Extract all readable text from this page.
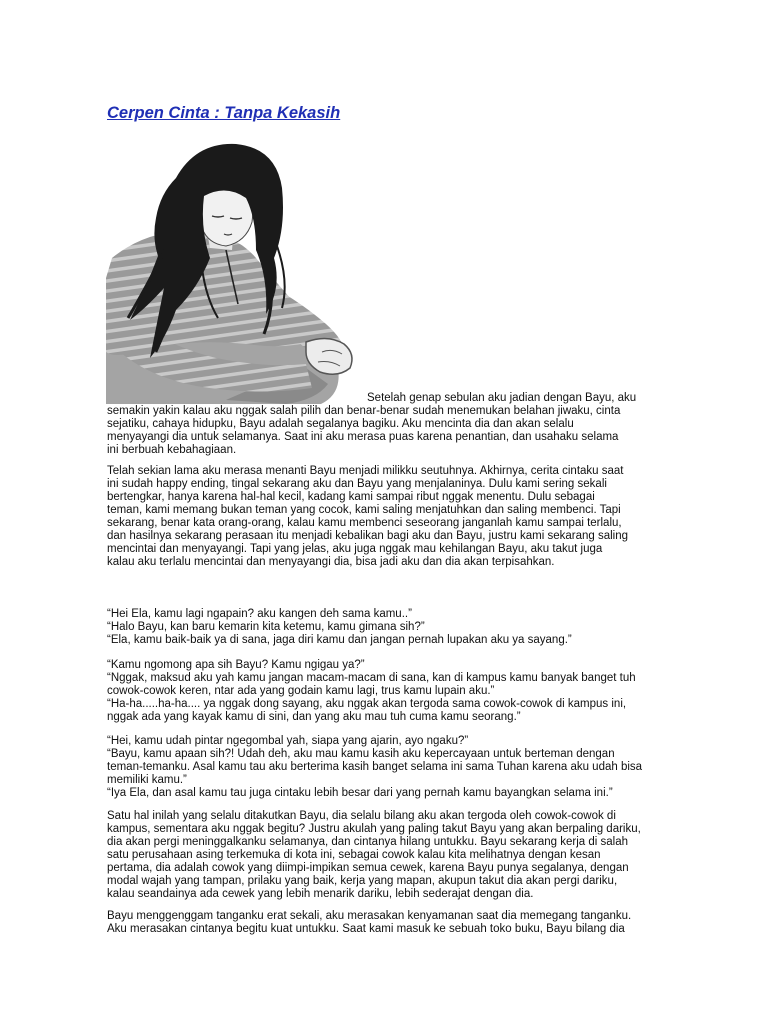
Cerpen Cinta : Tanpa Kekasih

Setelah genap sebulan aku jadian dengan Bayu, aku
semakin yakin kalau aku nggak salah pilih dan benar-benar sudah menemukan belahan jiwaku, cinta
sejatiku, cahaya hidupku, Bayu adalah segalanya bagiku. Aku mencinta dia dan akan selalu
menyayangi dia untuk selamanya. Saat ini aku merasa puas karena penantian, dan usahaku selama
ini berbuah kebahagiaan.

Telah sekian lama aku merasa menanti Bayu menjadi milikku seutuhnya. Akhirnya, cerita cintaku saat
ini sudah happy ending, tingal sekarang aku dan Bayu yang menjalaninya. Dulu kami sering sekali
bertengkar, hanya karena hal-hal kecil, kadang kami sampai ribut nggak menentu. Dulu sebagai
teman, kami memang bukan teman yang cocok, kami saling menjatuhkan dan saling membenci. Tapi
sekarang, benar kata orang-orang, kalau kamu membenci seseorang janganlah kamu sampai terlalu,
dan hasilnya sekarang perasaan itu menjadi kebalikan bagi aku dan Bayu, justru kami sekarang saling
mencintai dan menyayangi. Tapi yang jelas, aku juga nggak mau kehilangan Bayu, aku takut juga
kalau aku terlalu mencintai dan menyayangi dia, bisa jadi aku dan dia akan terpisahkan.

“Hei Ela, kamu lagi ngapain? aku kangen deh sama kamu..”
“Halo Bayu, kan baru kemarin kita ketemu, kamu gimana sih?”
“Ela, kamu baik-baik ya di sana, jaga diri kamu dan jangan pernah lupakan aku ya sayang.”

“Kamu ngomong apa sih Bayu? Kamu ngigau ya?”
“Nggak, maksud aku yah kamu jangan macam-macam di sana, kan di kampus kamu banyak banget tuh
cowok-cowok keren, ntar ada yang godain kamu lagi, trus kamu lupain aku.”
“Ha-ha.....ha-ha.... ya nggak dong sayang, aku nggak akan tergoda sama cowok-cowok di kampus ini,
nggak ada yang kayak kamu di sini, dan yang aku mau tuh cuma kamu seorang.”

“Hei, kamu udah pintar ngegombal yah, siapa yang ajarin, ayo ngaku?”
“Bayu, kamu apaan sih?! Udah deh, aku mau kamu kasih aku kepercayaan untuk berteman dengan
teman-temanku. Asal kamu tau aku berterima kasih banget selama ini sama Tuhan karena aku udah bisa
memiliki kamu.”
“Iya Ela, dan asal kamu tau juga cintaku lebih besar dari yang pernah kamu bayangkan selama ini.”

Satu hal inilah yang selalu ditakutkan Bayu, dia selalu bilang aku akan tergoda oleh cowok-cowok di
kampus, sementara aku nggak begitu? Justru akulah yang paling takut Bayu yang akan berpaling dariku,
dia akan pergi meninggalkanku selamanya, dan cintanya hilang untukku. Bayu sekarang kerja di salah
satu perusahaan asing terkemuka di kota ini, sebagai cowok kalau kita melihatnya dengan kesan
pertama, dia adalah cowok yang diimpi-impikan semua cewek, karena Bayu punya segalanya, dengan
modal wajah yang tampan, prilaku yang baik, kerja yang mapan, akupun takut dia akan pergi dariku,
kalau seandainya ada cewek yang lebih menarik dariku, lebih sederajat dengan dia.

Bayu menggenggam tanganku erat sekali, aku merasakan kenyamanan saat dia memegang tanganku.
Aku merasakan cintanya begitu kuat untukku. Saat kami masuk ke sebuah toko buku, Bayu bilang dia
